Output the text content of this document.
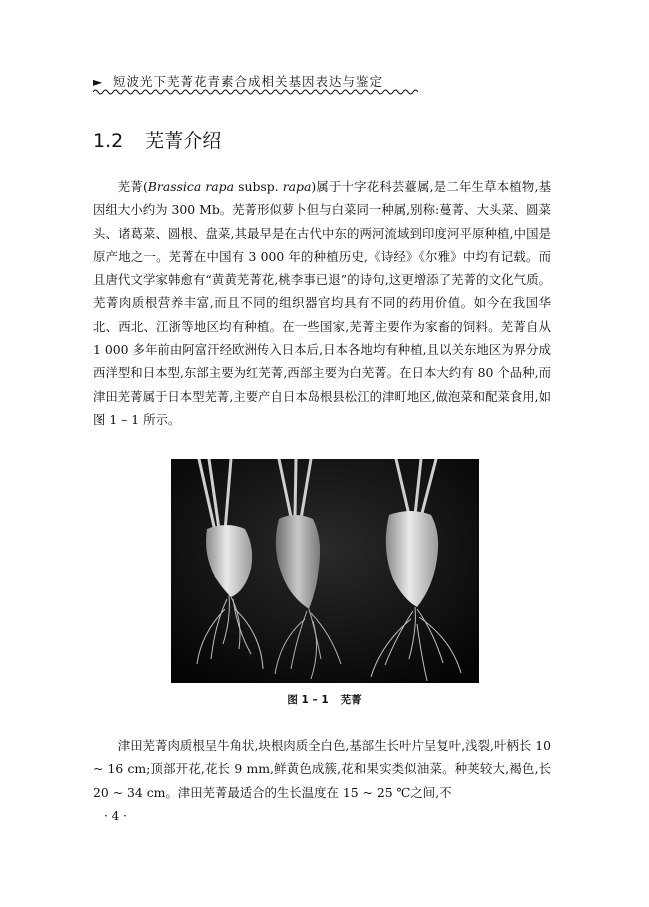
► 短波光下芜菁花青素合成相关基因表达与鉴定
1.2 芜菁介绍

芜菁(Brassica rapa subsp. rapa)属于十字花科芸薹属,是二年生草本植物,基因组大小约为 300 Mb。芜菁形似萝卜但与白菜同一种属,别称:蔓菁、大头菜、圆菜头、诸葛菜、圆根、盘菜,其最早是在古代中东的两河流域到印度河平原种植,中国是原产地之一。芜菁在中国有 3 000 年的种植历史,《诗经》《尔雅》中均有记载。而且唐代文学家韩愈有“黄黄芜菁花,桃李事已退”的诗句,这更增添了芜菁的文化气质。芜菁肉质根营养丰富,而且不同的组织器官均具有不同的药用价值。如今在我国华北、西北、江浙等地区均有种植。在一些国家,芜菁主要作为家畜的饲料。芜菁自从 1 000 多年前由阿富汗经欧洲传入日本后,日本各地均有种植,且以关东地区为界分成西洋型和日本型,东部主要为红芜菁,西部主要为白芜菁。在日本大约有 80 个品种,而津田芜菁属于日本型芜菁,主要产自日本岛根县松江的津町地区,做泡菜和配菜食用,如图 1 – 1 所示。

图 1 – 1 芜菁

津田芜菁肉质根呈牛角状,块根肉质全白色,基部生长叶片呈复叶,浅裂,叶柄长 10 ~ 16 cm;顶部开花,花长 9 mm,鲜黄色成簇,花和果实类似油菜。种荚较大,褐色,长 20 ~ 34 cm。津田芜菁最适合的生长温度在 15 ~ 25 ℃之间,不

· 4 ·
